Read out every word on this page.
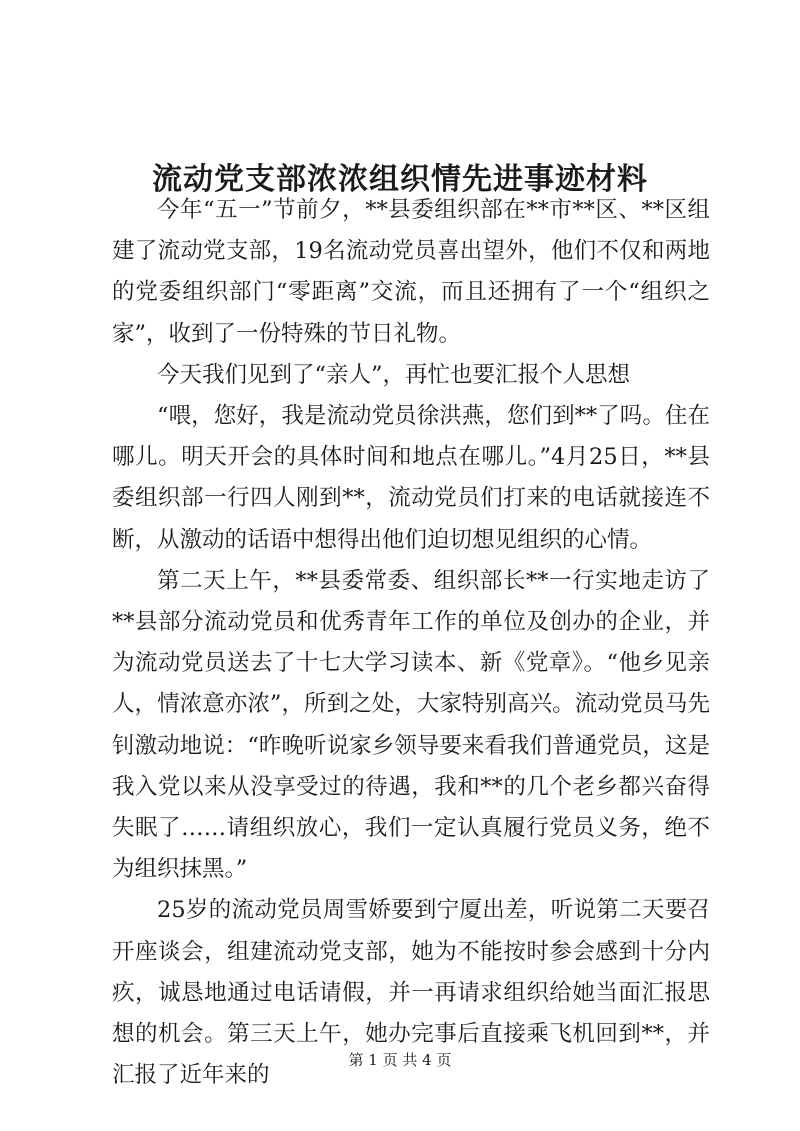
流动党支部浓浓组织情先进事迹材料

今年“五一”节前夕，**县委组织部在**市**区、**区组建了流动党支部，19名流动党员喜出望外，他们不仅和两地的党委组织部门“零距离”交流，而且还拥有了一个“组织之家”，收到了一份特殊的节日礼物。

今天我们见到了“亲人”，再忙也要汇报个人思想

“喂，您好，我是流动党员徐洪燕，您们到**了吗。住在哪儿。明天开会的具体时间和地点在哪儿。”4月25日，**县委组织部一行四人刚到**，流动党员们打来的电话就接连不断，从激动的话语中想得出他们迫切想见组织的心情。

第二天上午，**县委常委、组织部长**一行实地走访了**县部分流动党员和优秀青年工作的单位及创办的企业，并为流动党员送去了十七大学习读本、新《党章》。“他乡见亲人，情浓意亦浓”，所到之处，大家特别高兴。流动党员马先钊激动地说：“昨晚听说家乡领导要来看我们普通党员，这是我入党以来从没享受过的待遇，我和**的几个老乡都兴奋得失眠了……请组织放心，我们一定认真履行党员义务，绝不为组织抹黑。”

25岁的流动党员周雪娇要到宁厦出差，听说第二天要召开座谈会，组建流动党支部，她为不能按时参会感到十分内疚，诚恳地通过电话请假，并一再请求组织给她当面汇报思想的机会。第三天上午，她办完事后直接乘飞机回到**，并汇报了近年来的

第 1 页 共 4 页
